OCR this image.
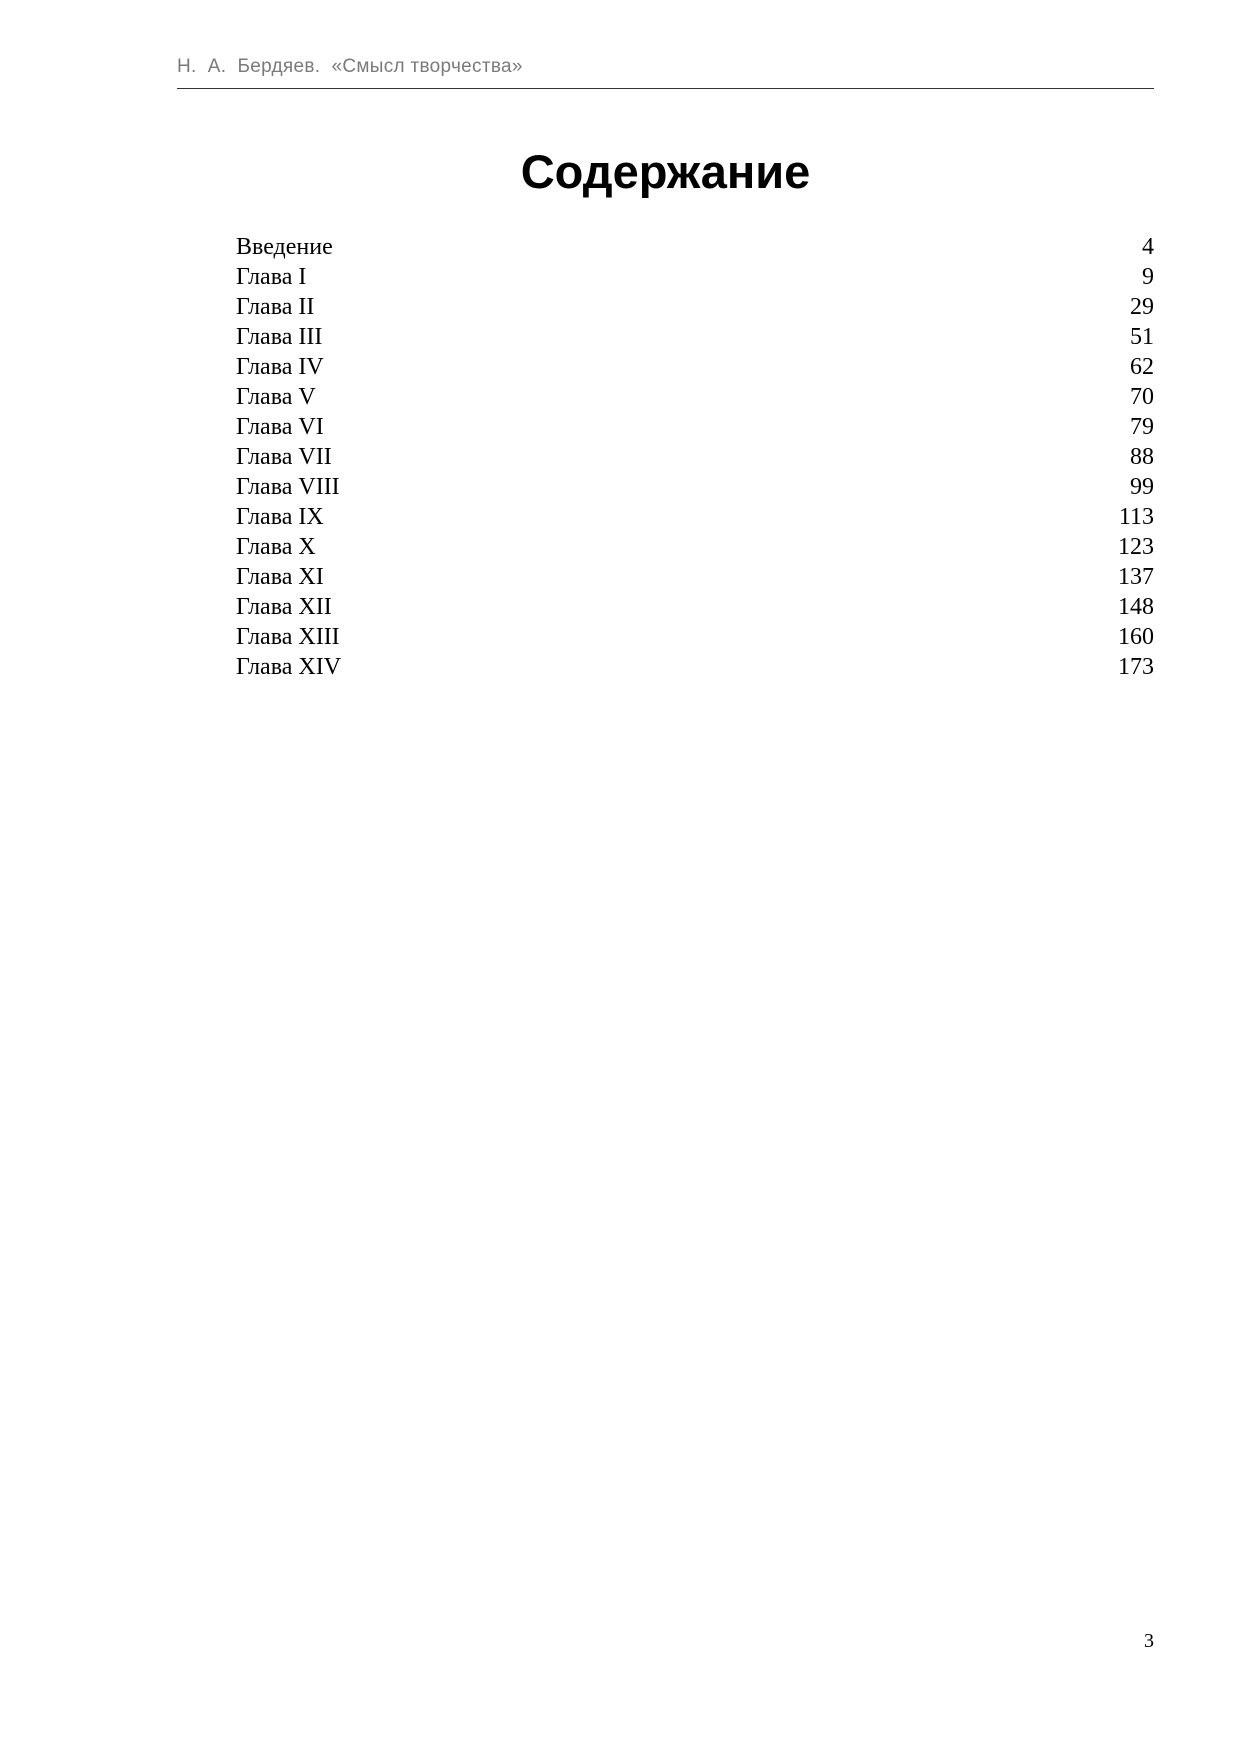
Н.  А.  Бердяев.  «Смысл творчества»
Содержание
Введение	4
Глава I	9
Глава II	29
Глава III	51
Глава IV	62
Глава V	70
Глава VI	79
Глава VII	88
Глава VIII	99
Глава IX	113
Глава X	123
Глава XI	137
Глава XII	148
Глава XIII	160
Глава XIV	173
3
